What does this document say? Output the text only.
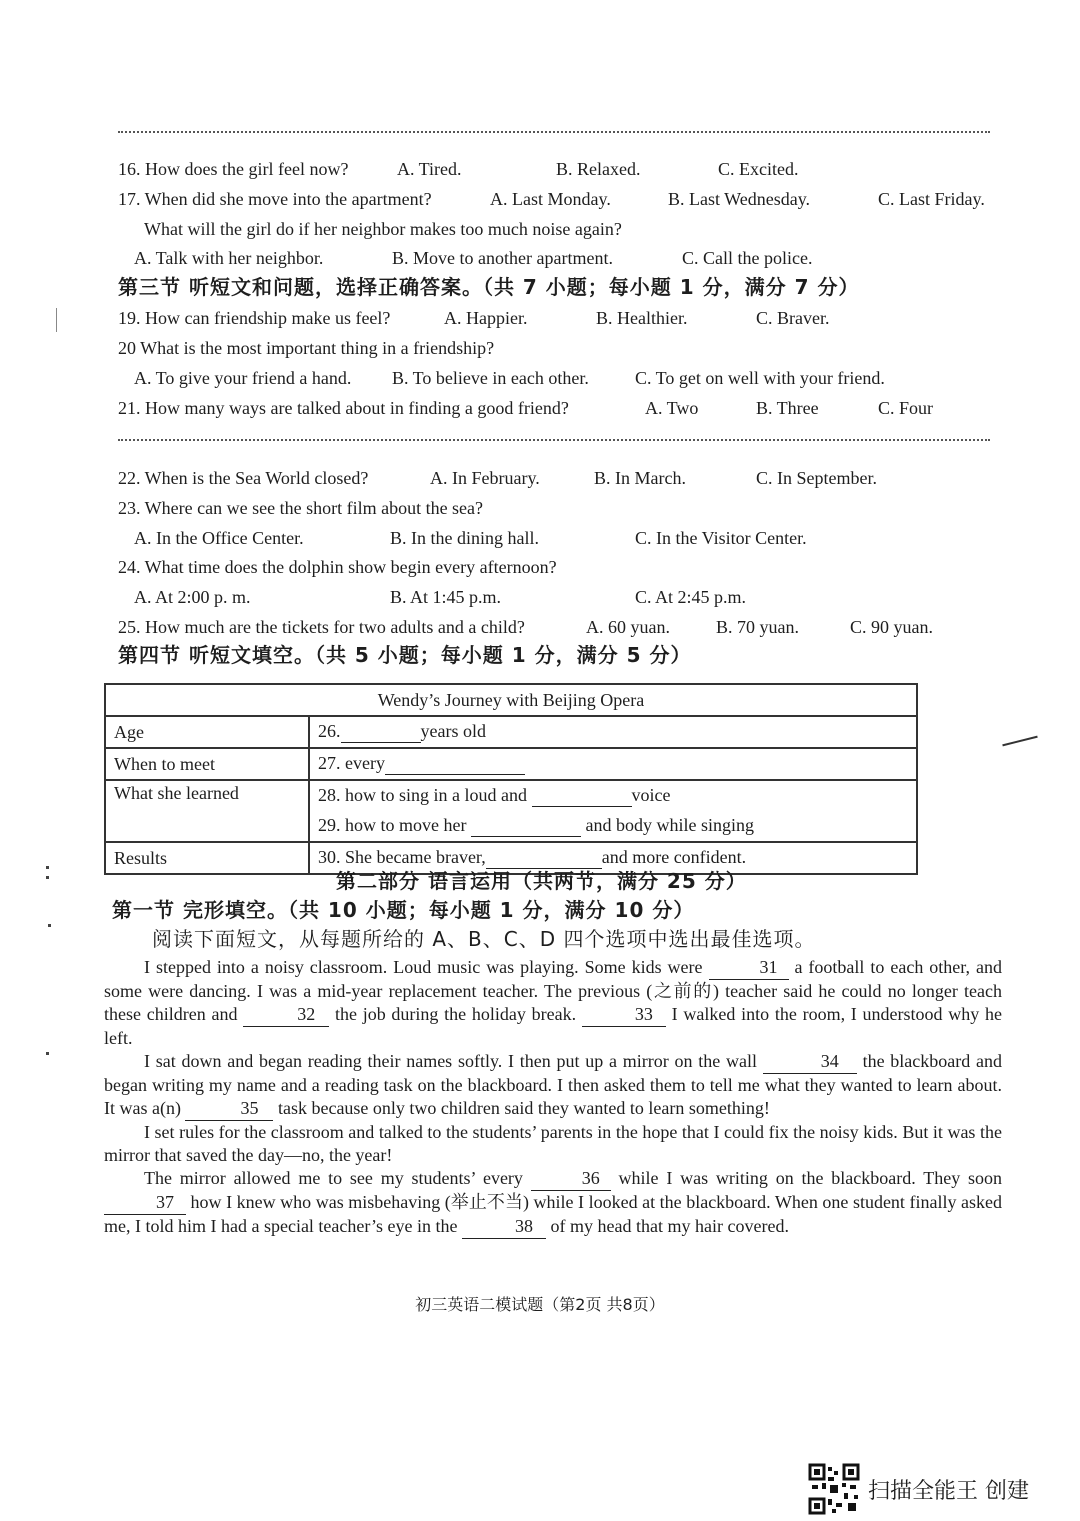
16. How does the girl feel now?	A. Tired.	B. Relaxed.	C. Excited.
17. When did she move into the apartment?	A. Last Monday.	B. Last Wednesday.	C. Last Friday.
What will the girl do if her neighbor makes too much noise again?
A. Talk with her neighbor.	B. Move to another apartment.	C. Call the police.
第三节 听短文和问题，选择正确答案。（共 7 小题；每小题 1 分，满分 7 分）
19. How can friendship make us feel?	A. Happier.	B. Healthier.	C. Braver.
20 What is the most important thing in a friendship?
A. To give your friend a hand. B. To believe in each other.	C. To get on well with your friend.
21. How many ways are talked about in finding a good friend?	A. Two	B. Three	C. Four
22. When is the Sea World closed?	A. In February.	B. In March.	C. In September.
23. Where can we see the short film about the sea?
A. In the Office Center.	B. In the dining hall.	C. In the Visitor Center.
24. What time does the dolphin show begin every afternoon?
A. At 2:00 p. m.	B. At 1:45 p.m.	C. At 2:45 p.m.
25. How much are the tickets for two adults and a child?	A. 60 yuan.	B. 70 yuan.	C. 90 yuan.
第四节 听短文填空。（共 5 小题；每小题 1 分，满分 5 分）
Wendy’s Journey with Beijing Opera	
Age	26. years old
When to meet	27. every
What she learned	28. how to sing in a loud and voice
	29. how to move her and body while singing
Results	30. She became braver, and more confident.
第二部分 语言运用（共两节，满分 25 分）
第一节 完形填空。（共 10 小题；每小题 1 分，满分 10 分）
阅读下面短文，从每题所给的 A、B、C、D 四个选项中选出最佳选项。

I stepped into a noisy classroom. Loud music was playing. Some kids were	31 a football to each other, and some were dancing. I was a mid-year replacement teacher. The previous (之前的) teacher said he could no longer teach these children and	32 the job during the holiday break.	33 I walked into the room, I understood why he left.

I sat down and began reading their names softly. I then put up a mirror on the wall	34 the blackboard and began writing my name and a reading task on the blackboard. I then asked them to tell me what they wanted to learn about. It was a(n)	35 task because only two children said they wanted to learn something!

I set rules for the classroom and talked to the students’ parents in the hope that I could fix the noisy kids. But it was the mirror that saved the day—no, the year!

The mirror allowed me to see my students’ every	36 while I was writing on the blackboard. They soon 37 how I knew who was misbehaving (举止不当) while I looked at the blackboard. When one student finally asked me, I told him I had a special teacher’s eye in the	38 of my head that my hair covered.

初三英语二模试题（第2页 共8页）
扫描全能王 创建
